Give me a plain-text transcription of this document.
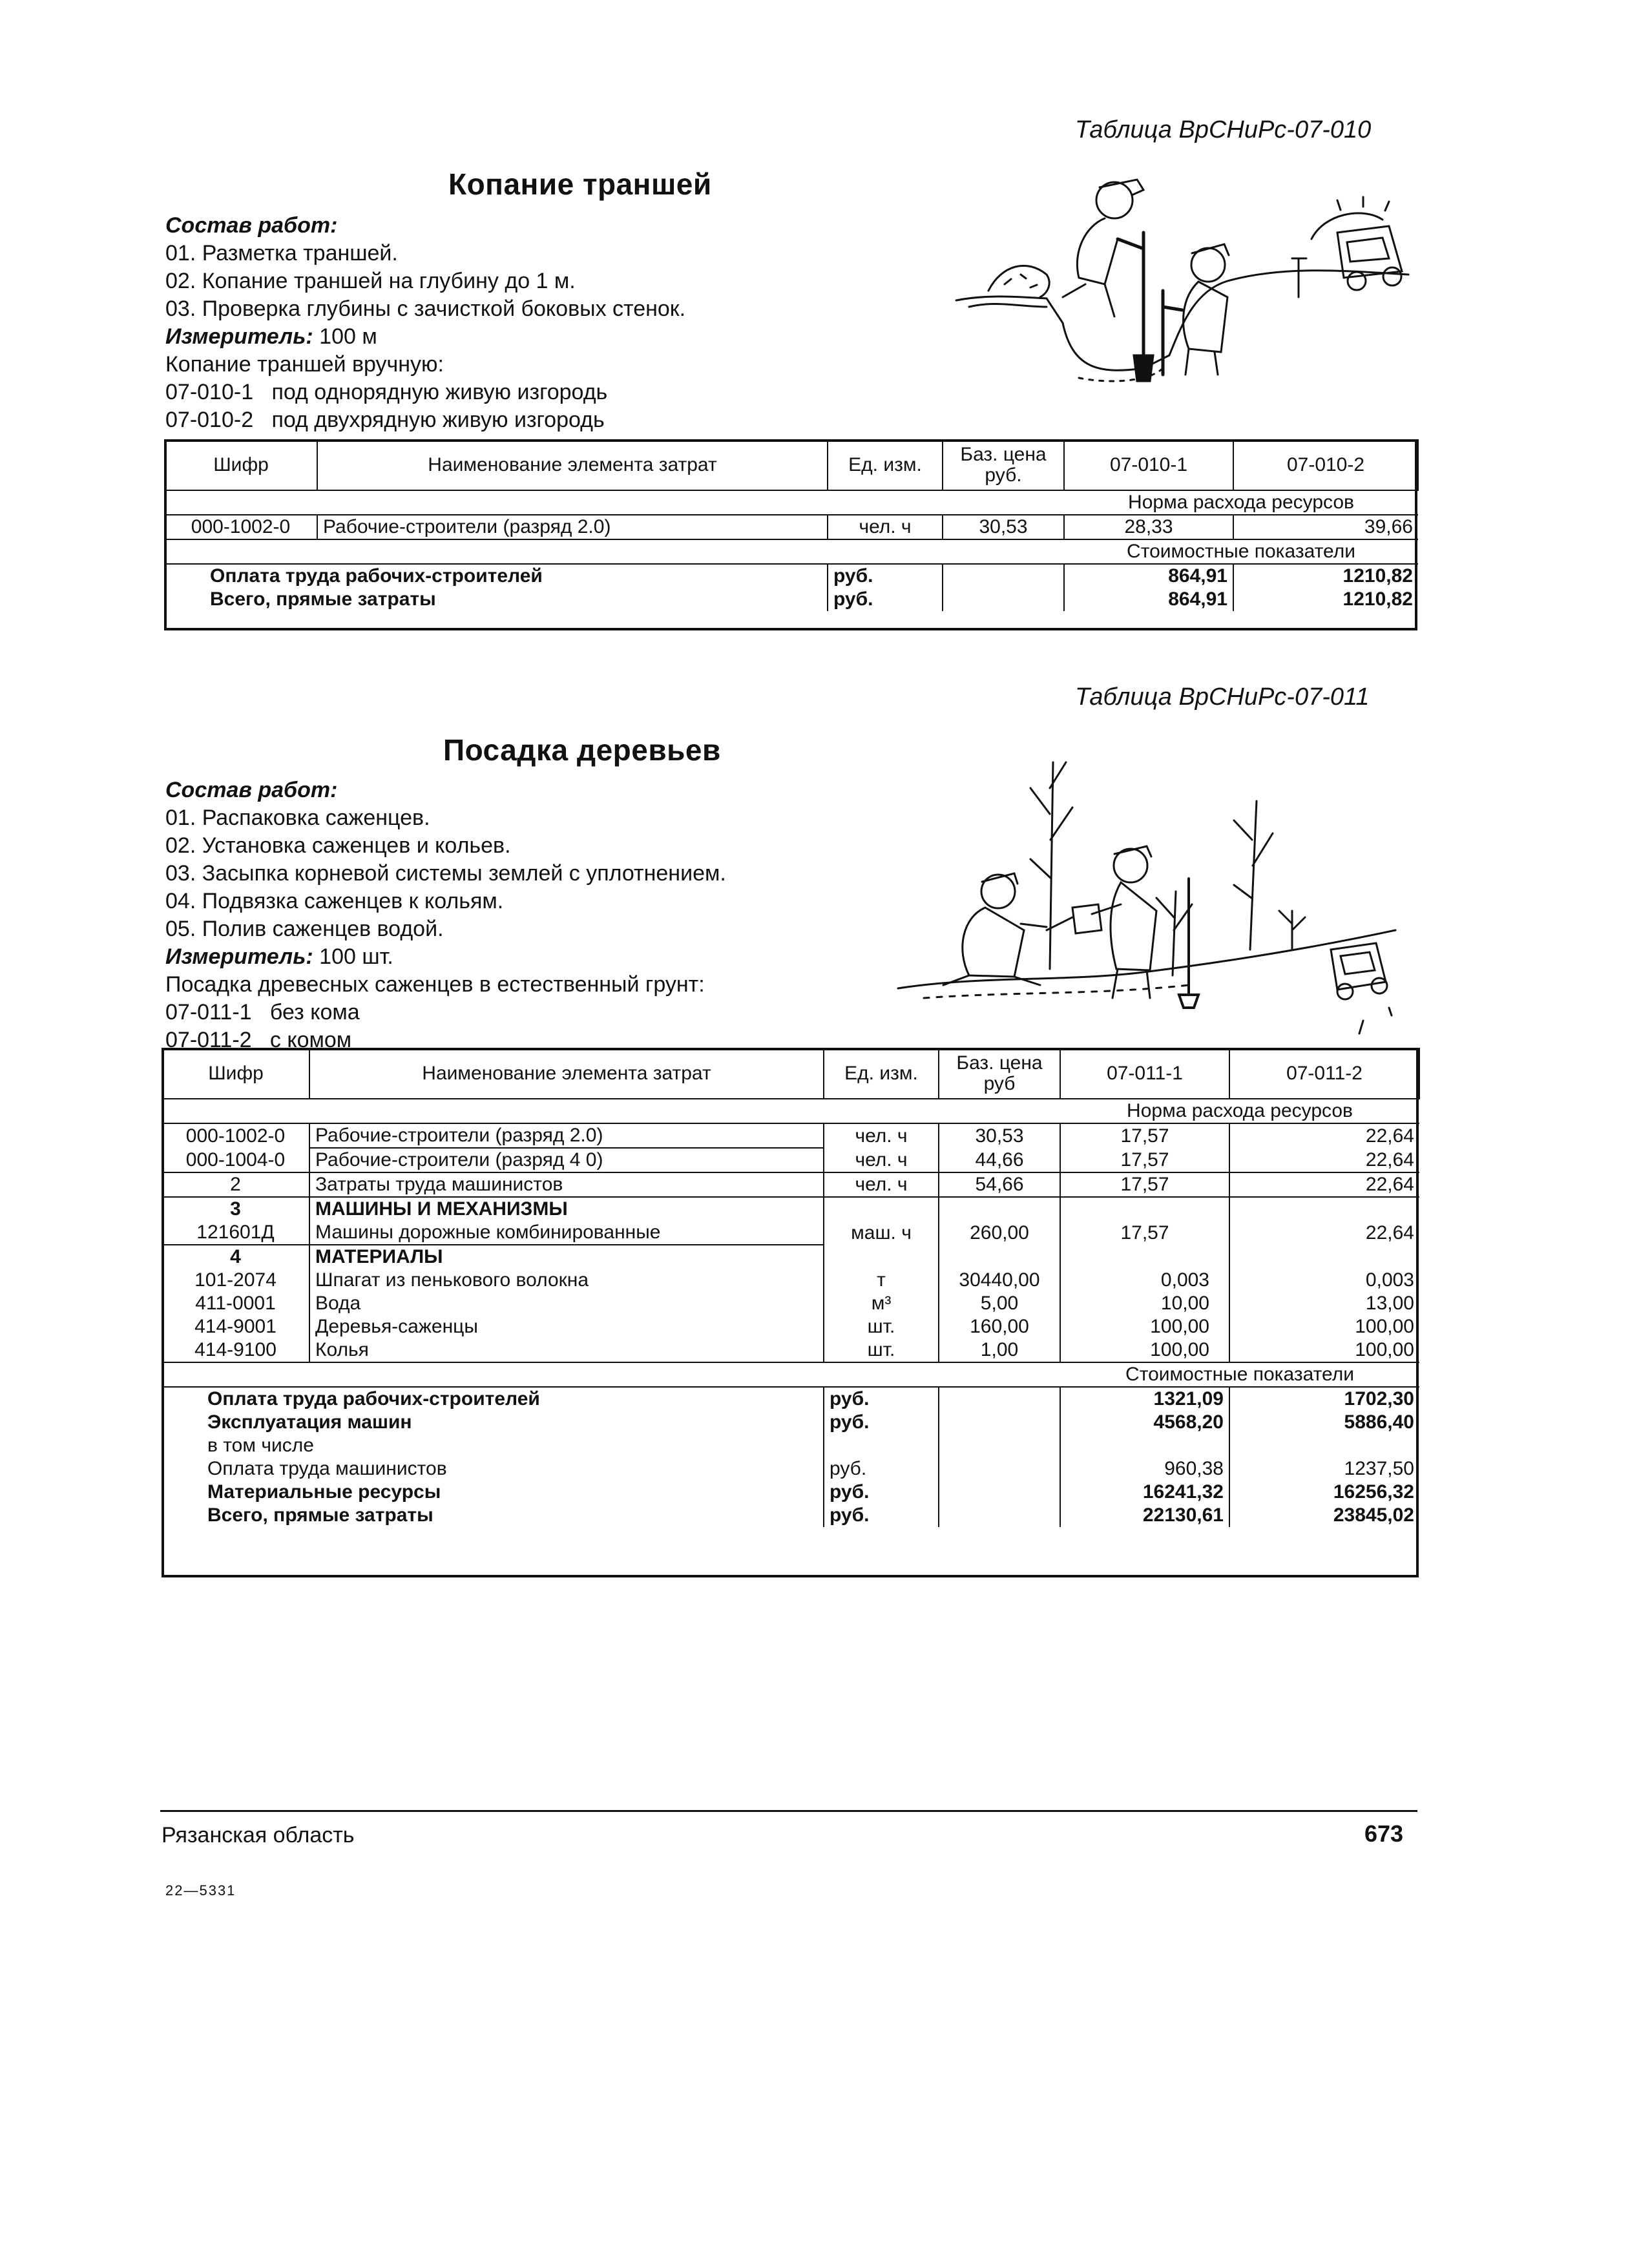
Таблица ВрСНиРс-07-010
Копание траншей
Состав работ:
01. Разметка траншей.
02. Копание траншей на глубину до 1 м.
03. Проверка глубины с зачисткой боковых стенок.
Измеритель: 100 м
Копание траншей вручную:
07-010-1   под однорядную живую изгородь
07-010-2   под двухрядную живую изгородь
Шифр	Наименование элемента затрат	Ед. изм.	Баз. цена руб.	07-010-1	07-010-2
				Норма расхода ресурсов	
000-1002-0	Рабочие-строители (разряд 2.0)	чел. ч	30,53	28,33	39,66
				Стоимостные показатели	
Оплата труда рабочих-строителей		руб.		864,91	1210,82
Всего, прямые затраты		руб.		864,91	1210,82
Таблица ВрСНиРс-07-011
Посадка деревьев
Состав работ:
01. Распаковка саженцев.
02. Установка саженцев и кольев.
03. Засыпка корневой системы землей с уплотнением.
04. Подвязка саженцев к кольям.
05. Полив саженцев водой.
Измеритель: 100 шт.
Посадка древесных саженцев в естественный грунт:
07-011-1   без кома
07-011-2   с комом
Шифр	Наименование элемента затрат	Ед. изм.	Баз. цена руб	07-011-1	07-011-2
				Норма расхода ресурсов	
000-1002-0	Рабочие-строители (разряд 2.0)	чел. ч	30,53	17,57	22,64
000-1004-0	Рабочие-строители (разряд 4 0)	чел. ч	44,66	17,57	22,64
2	Затраты труда машинистов	чел. ч	54,66	17,57	22,64
3	МАШИНЫ И МЕХАНИЗМЫ				
121601Д	Машины дорожные комбинированные	маш. ч	260,00	17,57	22,64
4	МАТЕРИАЛЫ				
101-2074	Шпагат из пенькового волокна	т	30440,00	0,003	0,003
411-0001	Вода	м³	5,00	10,00	13,00
414-9001	Деревья-саженцы	шт.	160,00	100,00	100,00
414-9100	Колья	шт.	1,00	100,00	100,00
				Стоимостные показатели	
Оплата труда рабочих-строителей		руб.		1321,09	1702,30
Эксплуатация машин		руб.		4568,20	5886,40
в том числе					
Оплата труда машинистов		руб.		960,38	1237,50
Материальные ресурсы		руб.		16241,32	16256,32
Всего, прямые затраты		руб.		22130,61	23845,02
Рязанская область	673
22—5331
